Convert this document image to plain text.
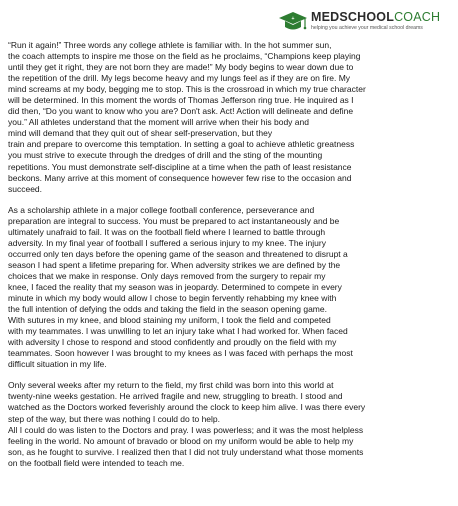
+ MEDSCHOOLCOACH
helping you achieve your medical school dreams

“Run it again!” Three words any college athlete is familiar with. In the hot summer sun,
the coach attempts to inspire me those on the field as he proclaims, “Champions keep playing
until they get it right, they are not born they are made!” My body begins to wear down due to
the repetition of the drill. My legs become heavy and my lungs feel as if they are on fire. My
mind screams at my body, begging me to stop. This is the crossroad in which my true character
will be determined. In this moment the words of Thomas Jefferson ring true. He inquired as I
did then, “Do you want to know who you are? Don't ask. Act! Action will delineate and define
you.” All athletes understand that the moment will arrive when their his body and
mind will demand that they quit out of shear self-preservation, but they
train and prepare to overcome this temptation. In setting a goal to achieve athletic greatness
you must strive to execute through the dredges of drill and the sting of the mounting
repetitions. You must demonstrate self-discipline at a time when the path of least resistance
beckons. Many arrive at this moment of consequence however few rise to the occasion and
succeed.

As a scholarship athlete in a major college football conference, perseverance and
preparation are integral to success. You must be prepared to act instantaneously and be
ultimately unafraid to fail. It was on the football field where I learned to battle through
adversity. In my final year of football I suffered a serious injury to my knee. The injury
occurred only ten days before the opening game of the season and threatened to disrupt a
season I had spent a lifetime preparing for. When adversity strikes we are defined by the
choices that we make in response. Only days removed from the surgery to repair my
knee, I faced the reality that my season was in jeopardy. Determined to compete in every
minute in which my body would allow I chose to begin fervently rehabbing my knee with
the full intention of defying the odds and taking the field in the season opening game.
With sutures in my knee, and blood staining my uniform, I took the field and competed
with my teammates. I was unwilling to let an injury take what I had worked for. When faced
with adversity I chose to respond and stood confidently and proudly on the field with my
teammates. Soon however I was brought to my knees as I was faced with perhaps the most
difficult situation in my life.

Only several weeks after my return to the field, my first child was born into this world at
twenty-nine weeks gestation. He arrived fragile and new, struggling to breath. I stood and
watched as the Doctors worked feverishly around the clock to keep him alive. I was there every
step of the way, but there was nothing I could do to help.
All I could do was listen to the Doctors and pray. I was powerless; and it was the most helpless
feeling in the world. No amount of bravado or blood on my uniform would be able to help my
son, as he fought to survive. I realized then that I did not truly understand what those moments
on the football field were intended to teach me.
